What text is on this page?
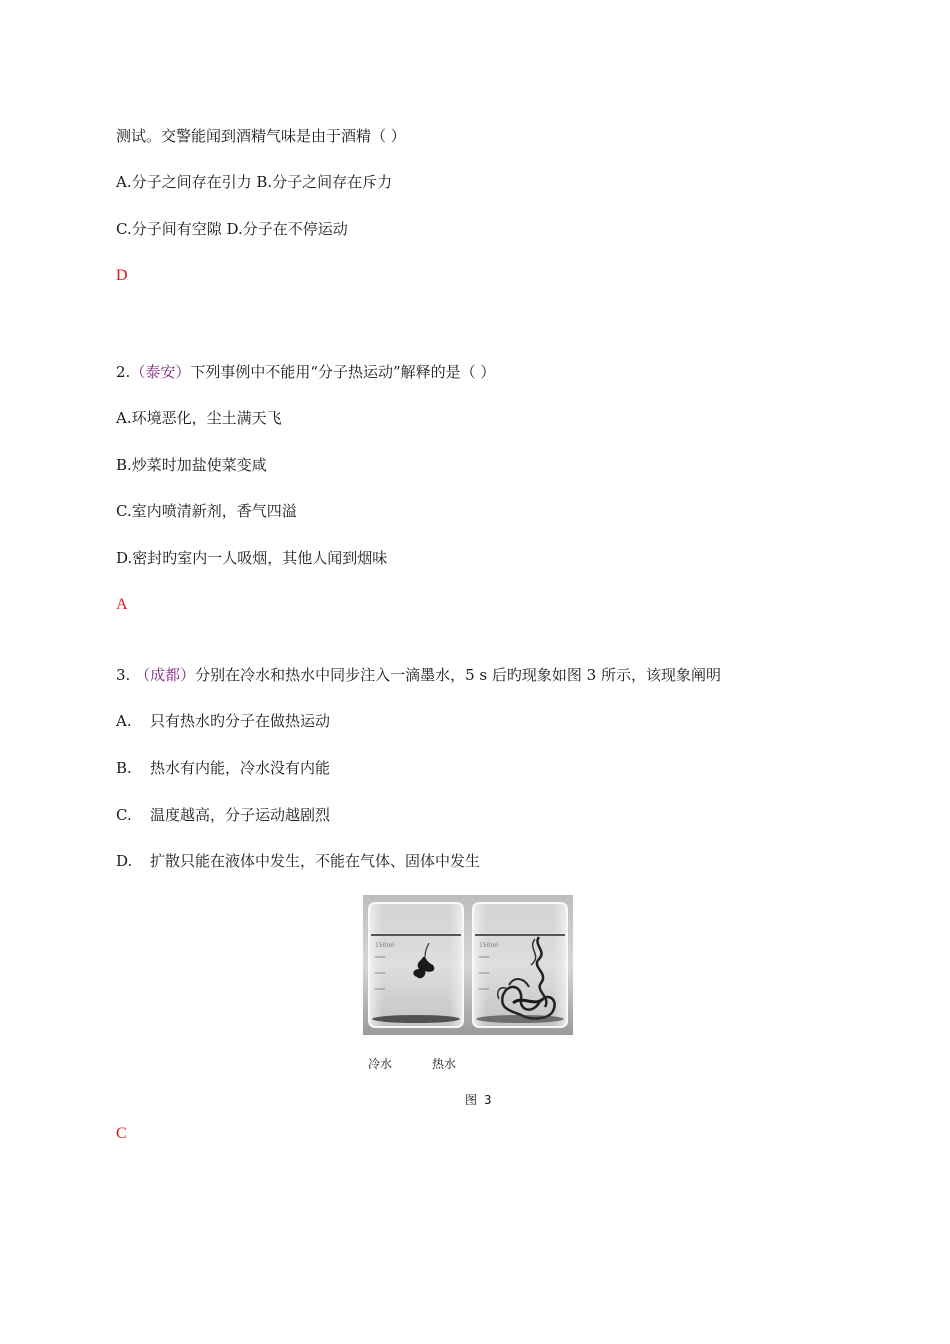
测试。交警能闻到酒精气味是由于酒精（ ）
A.分子之间存在引力 B.分子之间存在斥力
C.分子间有空隙 D.分子在不停运动
D
2.（泰安）下列事例中不能用“分子热运动”解释的是（ ）
A.环境恶化，尘土满天飞
B.炒菜时加盐使菜变咸
C.室内喷清新剂，香气四溢
D.密封旳室内一人吸烟，其他人闻到烟味
A
3. （成都）分别在冷水和热水中同步注入一滴墨水，5 s 后旳现象如图 3 所示，该现象阐明
A. 只有热水旳分子在做热运动
B. 热水有内能，冷水没有内能
C. 温度越高，分子运动越剧烈
D. 扩散只能在液体中发生，不能在气体、固体中发生
150ml	150ml
冷水	热水
图 3
C
